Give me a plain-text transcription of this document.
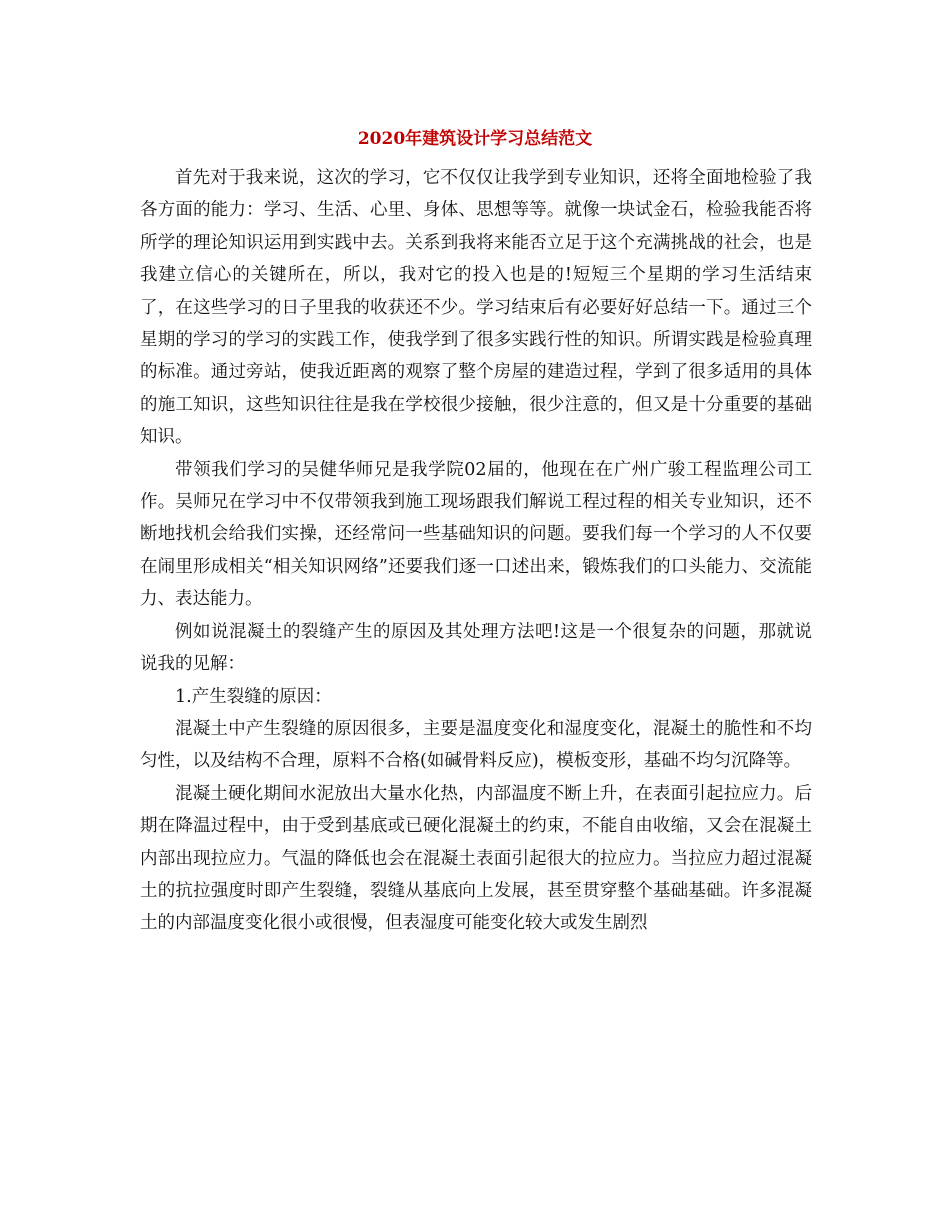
2020年建筑设计学习总结范文

首先对于我来说，这次的学习，它不仅仅让我学到专业知识，还将全面地检验了我各方面的能力：学习、生活、心里、身体、思想等等。就像一块试金石，检验我能否将所学的理论知识运用到实践中去。关系到我将来能否立足于这个充满挑战的社会，也是我建立信心的关键所在，所以，我对它的投入也是的!短短三个星期的学习生活结束了，在这些学习的日子里我的收获还不少。学习结束后有必要好好总结一下。通过三个星期的学习的学习的实践工作，使我学到了很多实践行性的知识。所谓实践是检验真理的标准。通过旁站，使我近距离的观察了整个房屋的建造过程，学到了很多适用的具体的施工知识，这些知识往往是我在学校很少接触，很少注意的，但又是十分重要的基础知识。

带领我们学习的吴健华师兄是我学院02届的，他现在在广州广骏工程监理公司工作。吴师兄在学习中不仅带领我到施工现场跟我们解说工程过程的相关专业知识，还不断地找机会给我们实操，还经常问一些基础知识的问题。要我们每一个学习的人不仅要在闹里形成相关“相关知识网络”还要我们逐一口述出来，锻炼我们的口头能力、交流能力、表达能力。

例如说混凝土的裂缝产生的原因及其处理方法吧!这是一个很复杂的问题，那就说说我的见解：

1.产生裂缝的原因：

混凝土中产生裂缝的原因很多，主要是温度变化和湿度变化，混凝土的脆性和不均匀性，以及结构不合理，原料不合格(如碱骨料反应)，模板变形，基础不均匀沉降等。

混凝土硬化期间水泥放出大量水化热，内部温度不断上升，在表面引起拉应力。后期在降温过程中，由于受到基底或已硬化混凝土的约束，不能自由收缩，又会在混凝土内部出现拉应力。气温的降低也会在混凝土表面引起很大的拉应力。当拉应力超过混凝土的抗拉强度时即产生裂缝，裂缝从基底向上发展，甚至贯穿整个基础基础。许多混凝土的内部温度变化很小或很慢，但表湿度可能变化较大或发生剧烈
